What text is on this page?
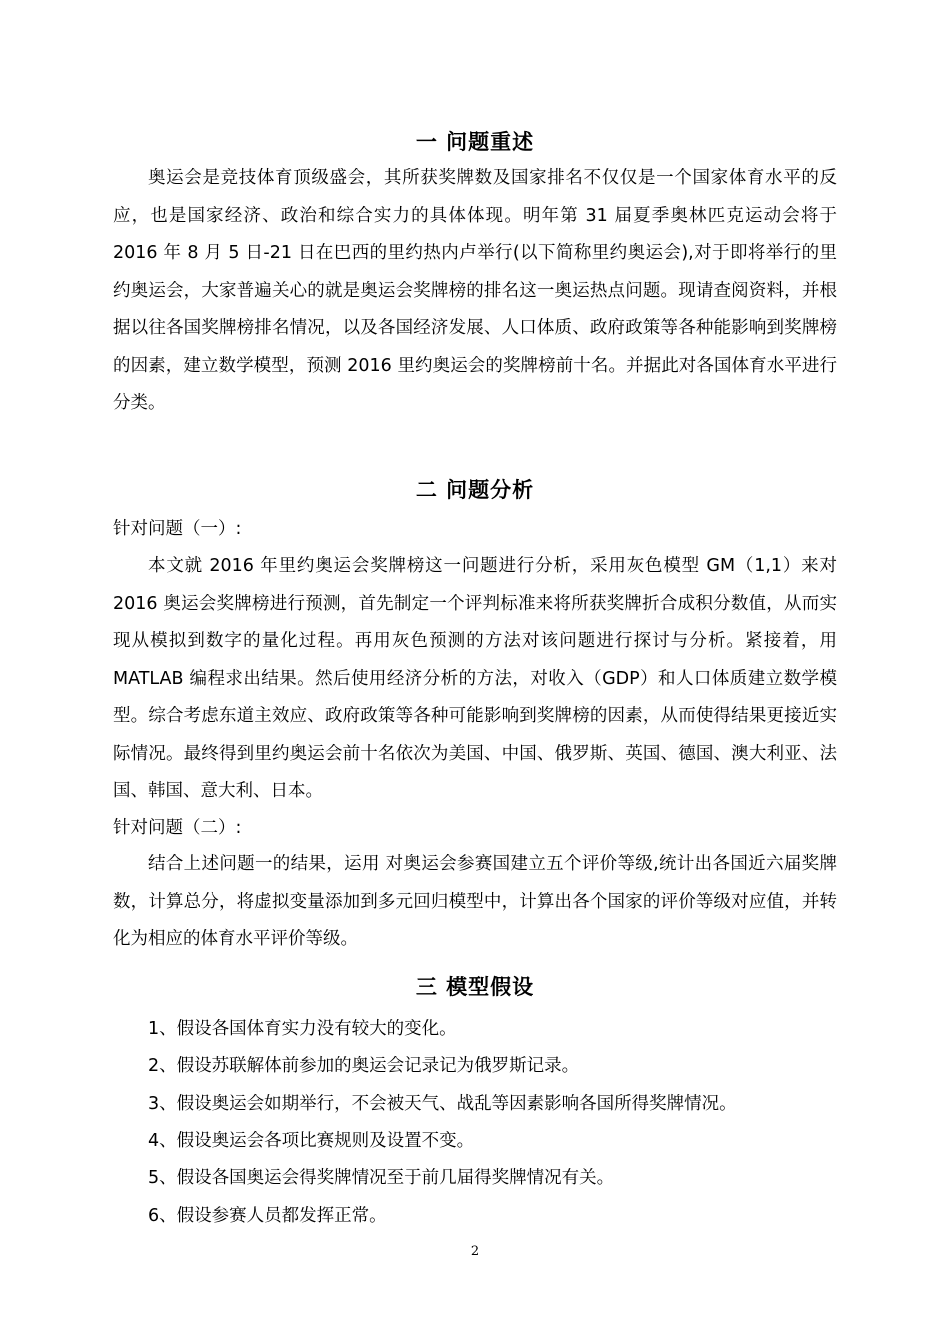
一 问题重述

奥运会是竞技体育顶级盛会，其所获奖牌数及国家排名不仅仅是一个国家体育水平的反应，也是国家经济、政治和综合实力的具体体现。明年第 31 届夏季奥林匹克运动会将于 2016 年 8 月 5 日-21 日在巴西的里约热内卢举行(以下简称里约奥运会),对于即将举行的里约奥运会，大家普遍关心的就是奥运会奖牌榜的排名这一奥运热点问题。现请查阅资料，并根据以往各国奖牌榜排名情况，以及各国经济发展、人口体质、政府政策等各种能影响到奖牌榜的因素，建立数学模型，预测 2016 里约奥运会的奖牌榜前十名。并据此对各国体育水平进行分类。

二 问题分析
针对问题（一）:

本文就 2016 年里约奥运会奖牌榜这一问题进行分析，采用灰色模型 GM（1,1）来对 2016 奥运会奖牌榜进行预测，首先制定一个评判标准来将所获奖牌折合成积分数值，从而实现从模拟到数字的量化过程。再用灰色预测的方法对该问题进行探讨与分析。紧接着，用 MATLAB 编程求出结果。然后使用经济分析的方法，对收入（GDP）和人口体质建立数学模型。综合考虑东道主效应、政府政策等各种可能影响到奖牌榜的因素，从而使得结果更接近实际情况。最终得到里约奥运会前十名依次为美国、中国、俄罗斯、英国、德国、澳大利亚、法国、韩国、意大利、日本。

针对问题（二）:

结合上述问题一的结果，运用 对奥运会参赛国建立五个评价等级,统计出各国近六届奖牌数，计算总分，将虚拟变量添加到多元回归模型中，计算出各个国家的评价等级对应值，并转化为相应的体育水平评价等级。

三 模型假设
1、假设各国体育实力没有较大的变化。
2、假设苏联解体前参加的奥运会记录记为俄罗斯记录。
3、假设奥运会如期举行，不会被天气、战乱等因素影响各国所得奖牌情况。
4、假设奥运会各项比赛规则及设置不变。
5、假设各国奥运会得奖牌情况至于前几届得奖牌情况有关。
6、假设参赛人员都发挥正常。
2
